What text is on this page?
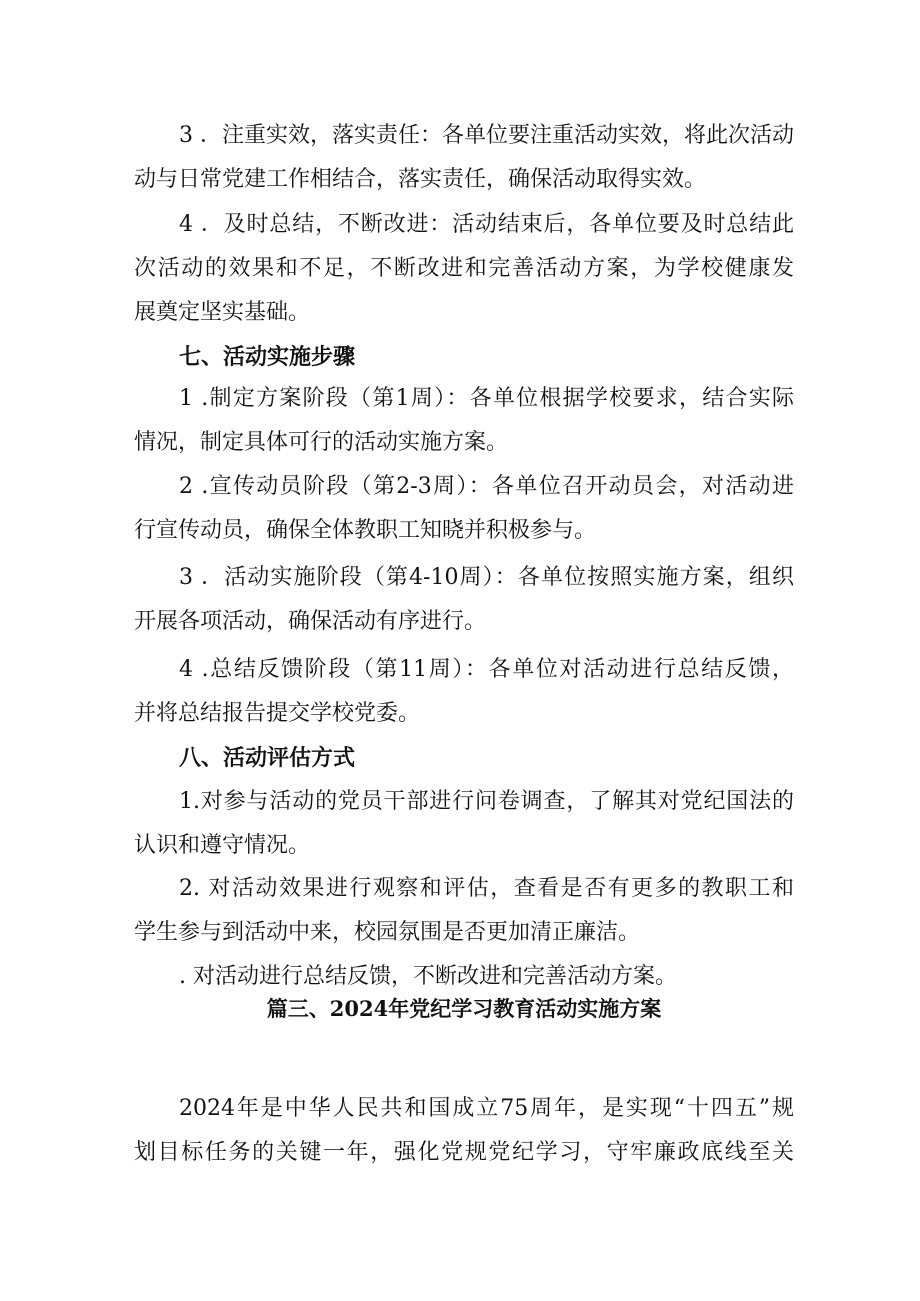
3 ．注重实效，落实责任：各单位要注重活动实效，将此次活动
动与日常党建工作相结合，落实责任，确保活动取得实效。
4 ．及时总结，不断改进：活动结束后，各单位要及时总结此
次活动的效果和不足，不断改进和完善活动方案，为学校健康发
展奠定坚实基础。
七、活动实施步骤
1 .制定方案阶段（第1周）：各单位根据学校要求，结合实际
情况，制定具体可行的活动实施方案。
2 .宣传动员阶段（第2-3周）：各单位召开动员会，对活动进
行宣传动员，确保全体教职工知晓并积极参与。
3 ．活动实施阶段（第4-10周）：各单位按照实施方案，组织
开展各项活动，确保活动有序进行。
4 .总结反馈阶段（第11周）：各单位对活动进行总结反馈，
并将总结报告提交学校党委。
八、活动评估方式
1.对参与活动的党员干部进行问卷调查，了解其对党纪国法的
认识和遵守情况。
2. 对活动效果进行观察和评估，查看是否有更多的教职工和
学生参与到活动中来，校园氛围是否更加清正廉洁。
. 对活动进行总结反馈，不断改进和完善活动方案。
篇三、2024年党纪学习教育活动实施方案
2024年是中华人民共和国成立75周年，是实现“十四五”规
划目标任务的关键一年，强化党规党纪学习，守牢廉政底线至关
